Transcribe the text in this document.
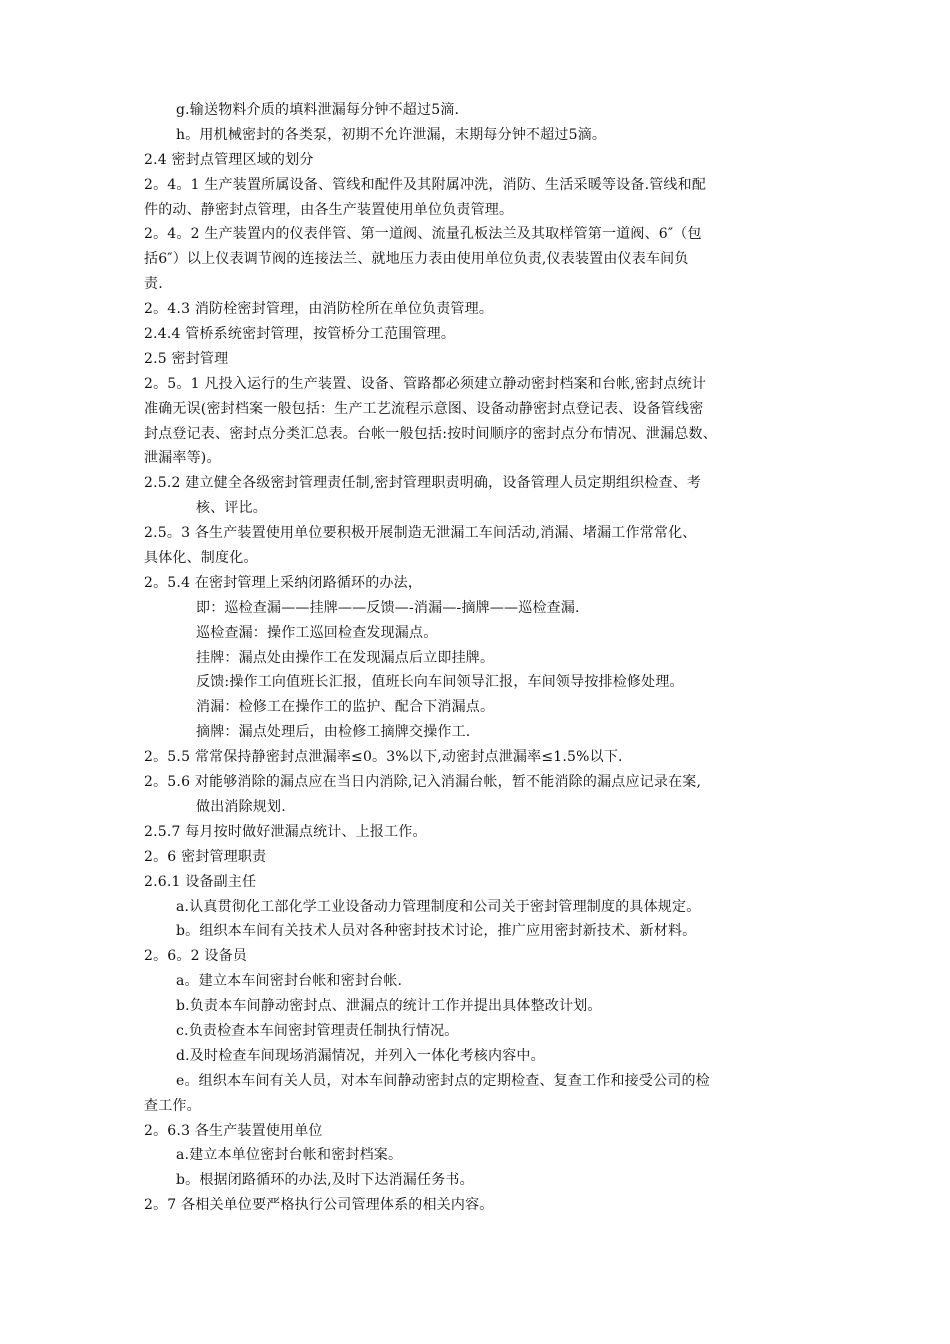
g.输送物料介质的填料泄漏每分钟不超过5滴.
h。用机械密封的各类泵，初期不允许泄漏，末期每分钟不超过5滴。
2.4 密封点管理区域的划分
2。4。1 生产装置所属设备、管线和配件及其附属冲洗，消防、生活采暖等设备.管线和配
件的动、静密封点管理，由各生产装置使用单位负责管理。
2。4。2 生产装置内的仪表伴管、第一道阀、流量孔板法兰及其取样管第一道阀、6″（包
括6″）以上仪表调节阀的连接法兰、就地压力表由使用单位负责,仪表装置由仪表车间负
责.
2。4.3 消防栓密封管理，由消防栓所在单位负责管理。
2.4.4 管桥系统密封管理，按管桥分工范围管理。
2.5 密封管理
2。5。1 凡投入运行的生产装置、设备、管路都必须建立静动密封档案和台帐,密封点统计
准确无误(密封档案一般包括：生产工艺流程示意图、设备动静密封点登记表、设备管线密
封点登记表、密封点分类汇总表。台帐一般包括:按时间顺序的密封点分布情况、泄漏总数、
泄漏率等)。
2.5.2 建立健全各级密封管理责任制,密封管理职责明确，设备管理人员定期组织检查、考
核、评比。
2.5。3 各生产装置使用单位要积极开展制造无泄漏工车间活动,消漏、堵漏工作常常化、
具体化、制度化。
2。5.4 在密封管理上采纳闭路循环的办法，
即：巡检查漏——挂牌——反馈—-消漏—-摘牌——巡检查漏.
巡检查漏：操作工巡回检查发现漏点。
挂牌：漏点处由操作工在发现漏点后立即挂牌。
反馈:操作工向值班长汇报，值班长向车间领导汇报，车间领导按排检修处理。
消漏：检修工在操作工的监护、配合下消漏点。
摘牌：漏点处理后，由检修工摘牌交操作工.
2。5.5 常常保持静密封点泄漏率≤0。3%以下,动密封点泄漏率≤1.5%以下.
2。5.6 对能够消除的漏点应在当日内消除,记入消漏台帐，暂不能消除的漏点应记录在案,
做出消除规划.
2.5.7 每月按时做好泄漏点统计、上报工作。
2。6 密封管理职责
2.6.1 设备副主任
a.认真贯彻化工部化学工业设备动力管理制度和公司关于密封管理制度的具体规定。
b。组织本车间有关技术人员对各种密封技术讨论，推广应用密封新技术、新材料。
2。6。2 设备员
a。建立本车间密封台帐和密封台帐.
b.负责本车间静动密封点、泄漏点的统计工作并提出具体整改计划。
c.负责检查本车间密封管理责任制执行情况。
d.及时检查车间现场消漏情况，并列入一体化考核内容中。
e。组织本车间有关人员，对本车间静动密封点的定期检查、复查工作和接受公司的检
查工作。
2。6.3 各生产装置使用单位
a.建立本单位密封台帐和密封档案。
b。根据闭路循环的办法,及时下达消漏任务书。
2。7 各相关单位要严格执行公司管理体系的相关内容。
